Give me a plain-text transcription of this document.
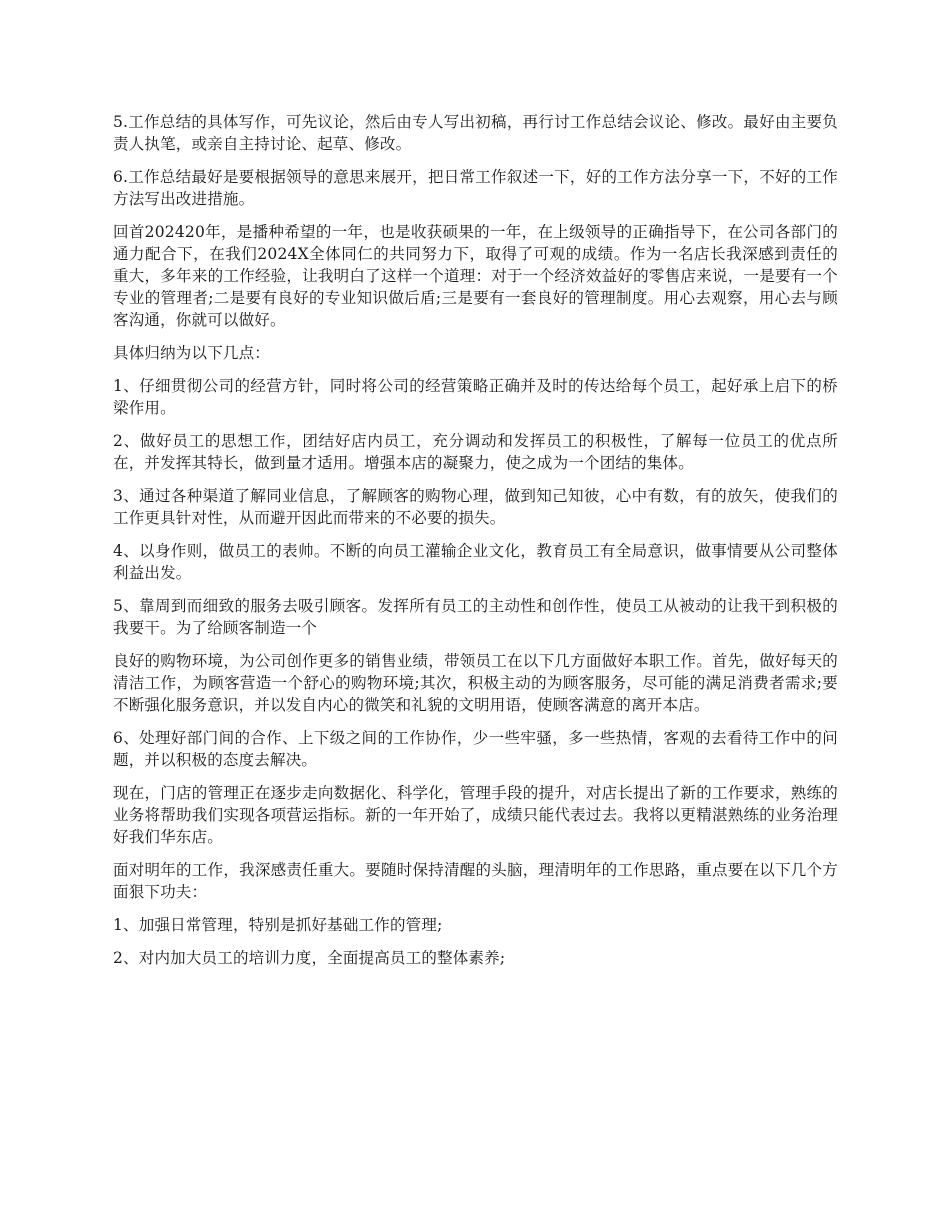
5.工作总结的具体写作，可先议论，然后由专人写出初稿，再行讨工作总结会议论、修改。最好由主要负责人执笔，或亲自主持讨论、起草、修改。

6.工作总结最好是要根据领导的意思来展开，把日常工作叙述一下，好的工作方法分享一下，不好的工作方法写出改进措施。

回首202420年，是播种希望的一年，也是收获硕果的一年，在上级领导的正确指导下，在公司各部门的通力配合下，在我们2024X全体同仁的共同努力下，取得了可观的成绩。作为一名店长我深感到责任的重大，多年来的工作经验，让我明白了这样一个道理：对于一个经济效益好的零售店来说，一是要有一个专业的管理者;二是要有良好的专业知识做后盾;三是要有一套良好的管理制度。用心去观察，用心去与顾客沟通，你就可以做好。

具体归纳为以下几点：

1、仔细贯彻公司的经营方针，同时将公司的经营策略正确并及时的传达给每个员工，起好承上启下的桥梁作用。

2、做好员工的思想工作，团结好店内员工，充分调动和发挥员工的积极性，了解每一位员工的优点所在，并发挥其特长，做到量才适用。增强本店的凝聚力，使之成为一个团结的集体。

3、通过各种渠道了解同业信息，了解顾客的购物心理，做到知己知彼，心中有数，有的放矢，使我们的工作更具针对性，从而避开因此而带来的不必要的损失。

4、以身作则，做员工的表帅。不断的向员工灌输企业文化，教育员工有全局意识，做事情要从公司整体利益出发。

5、靠周到而细致的服务去吸引顾客。发挥所有员工的主动性和创作性，使员工从被动的让我干到积极的我要干。为了给顾客制造一个

良好的购物环境，为公司创作更多的销售业绩，带领员工在以下几方面做好本职工作。首先，做好每天的清洁工作，为顾客营造一个舒心的购物环境;其次，积极主动的为顾客服务，尽可能的满足消费者需求;要不断强化服务意识，并以发自内心的微笑和礼貌的文明用语，使顾客满意的离开本店。

6、处理好部门间的合作、上下级之间的工作协作，少一些牢骚，多一些热情，客观的去看待工作中的问题，并以积极的态度去解决。

现在，门店的管理正在逐步走向数据化、科学化，管理手段的提升，对店长提出了新的工作要求，熟练的业务将帮助我们实现各项营运指标。新的一年开始了，成绩只能代表过去。我将以更精湛熟练的业务治理好我们华东店。

面对明年的工作，我深感责任重大。要随时保持清醒的头脑，理清明年的工作思路，重点要在以下几个方面狠下功夫：

1、加强日常管理，特别是抓好基础工作的管理;

2、对内加大员工的培训力度，全面提高员工的整体素养;
